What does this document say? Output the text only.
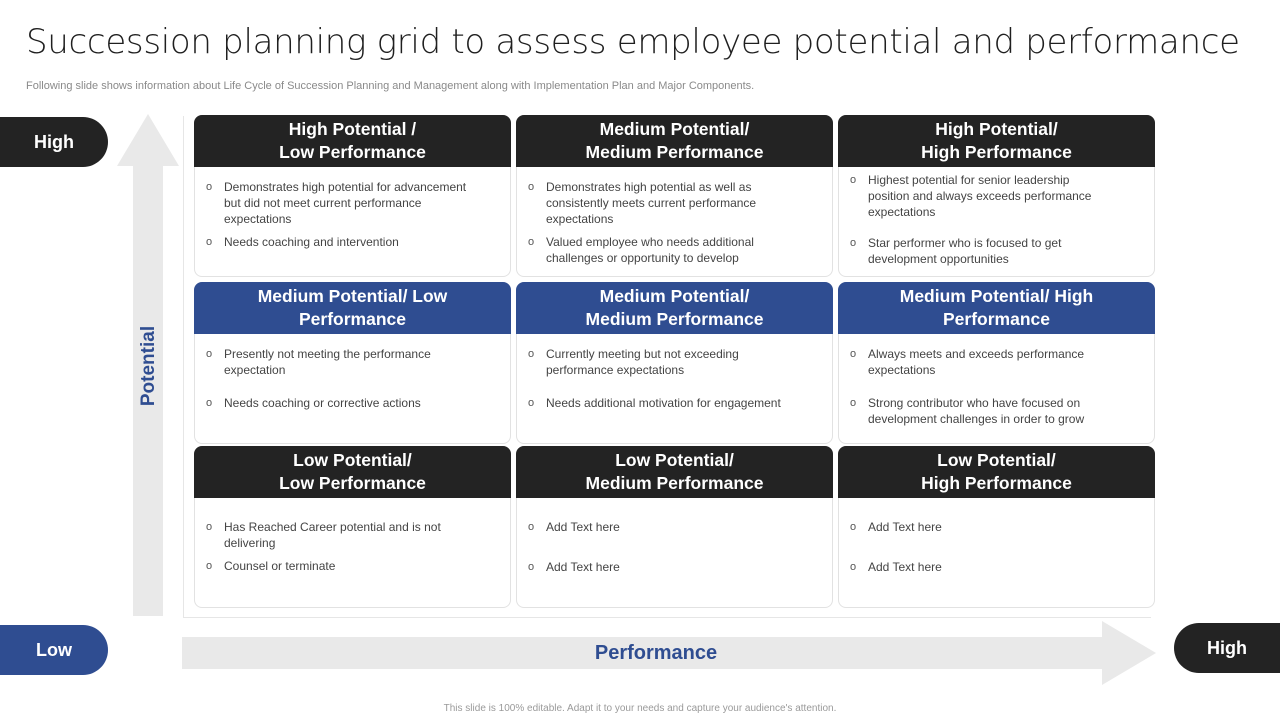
Succession planning grid to assess employee potential and performance
Following slide shows information about Life Cycle of Succession Planning and Management along with Implementation Plan and Major Components.
High
Low	High
Potential
Performance
High Potential /
Low Performance
o Demonstrates high potential for advancement but did not meet current performance expectations
o Needs coaching and intervention
Medium Potential/
Medium Performance
o Demonstrates high potential as well as consistently meets current performance expectations
o Valued employee who needs additional challenges or opportunity to develop
High Potential/
High Performance
o Highest potential for senior leadership position and always exceeds performance expectations
o Star performer who is focused to get development opportunities
Medium Potential/ Low
Performance
o Presently not meeting the performance expectation
o Needs coaching or corrective actions
Medium Potential/
Medium Performance
o Currently meeting but not exceeding performance expectations
o Needs additional motivation for engagement
Medium Potential/ High
Performance
o Always meets and exceeds performance expectations
o Strong contributor who have focused on development challenges in order to grow
Low Potential/
Low Performance
o Has Reached Career potential and is not delivering
o Counsel or terminate
Low Potential/
Medium Performance
o Add Text here
o Add Text here
Low Potential/
High Performance
o Add Text here
o Add Text here
This slide is 100% editable. Adapt it to your needs and capture your audience's attention.
